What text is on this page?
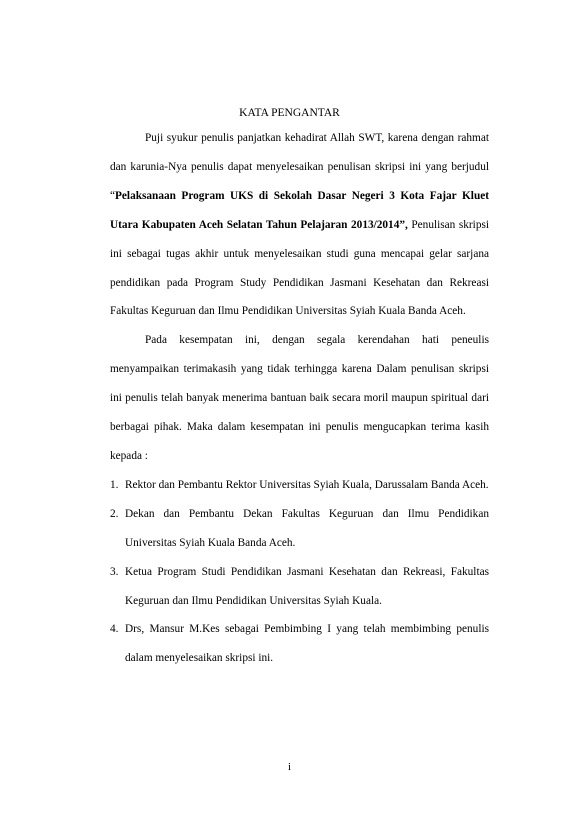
KATA PENGANTAR

Puji syukur penulis panjatkan kehadirat Allah SWT, karena dengan rahmat dan karunia-Nya penulis dapat menyelesaikan penulisan skripsi ini yang berjudul “Pelaksanaan Program UKS di Sekolah Dasar Negeri 3 Kota Fajar Kluet Utara Kabupaten Aceh Selatan Tahun Pelajaran 2013/2014”, Penulisan skripsi ini sebagai tugas akhir untuk menyelesaikan studi guna mencapai gelar sarjana pendidikan pada Program Study Pendidikan Jasmani Kesehatan dan Rekreasi Fakultas Keguruan dan Ilmu Pendidikan Universitas Syiah Kuala Banda Aceh.

Pada kesempatan ini, dengan segala kerendahan hati peneulis menyampaikan terimakasih yang tidak terhingga karena Dalam penulisan skripsi ini penulis telah banyak menerima bantuan baik secara moril maupun spiritual dari berbagai pihak. Maka dalam kesempatan ini penulis mengucapkan terima kasih kepada :

1. Rektor dan Pembantu Rektor Universitas Syiah Kuala, Darussalam Banda Aceh.
2. Dekan dan Pembantu Dekan Fakultas Keguruan dan Ilmu Pendidikan Universitas Syiah Kuala Banda Aceh.
3. Ketua Program Studi Pendidikan Jasmani Kesehatan dan Rekreasi, Fakultas Keguruan dan Ilmu Pendidikan Universitas Syiah Kuala.
4. Drs, Mansur M.Kes sebagai Pembimbing I yang telah membimbing penulis dalam menyelesaikan skripsi ini.
i
